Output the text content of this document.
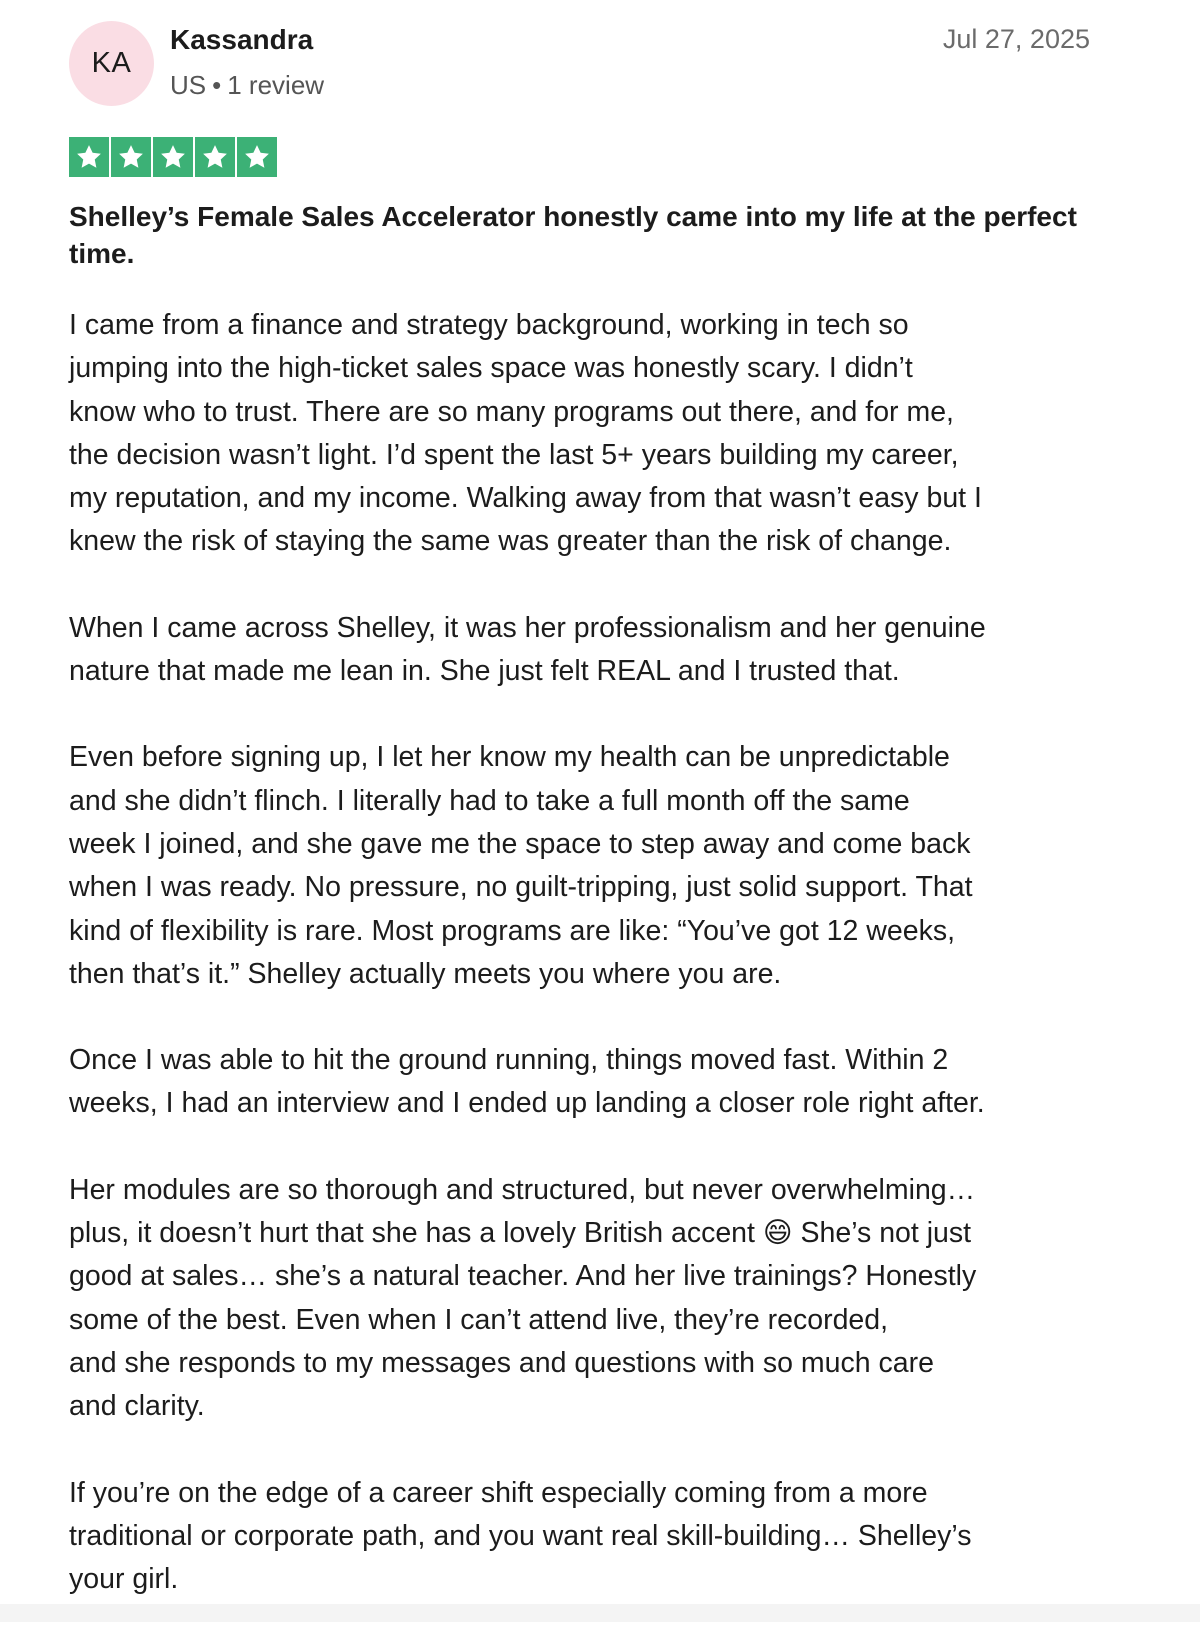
KA
Kassandra
US • 1 review
Jul 27, 2025
Shelley’s Female Sales Accelerator honestly came into my life at the perfect time.

I came from a finance and strategy background, working in tech so
jumping into the high-ticket sales space was honestly scary. I didn’t
know who to trust. There are so many programs out there, and for me,
the decision wasn’t light. I’d spent the last 5+ years building my career,
my reputation, and my income. Walking away from that wasn’t easy but I
knew the risk of staying the same was greater than the risk of change.

When I came across Shelley, it was her professionalism and her genuine
nature that made me lean in. She just felt REAL and I trusted that.

Even before signing up, I let her know my health can be unpredictable
and she didn’t flinch. I literally had to take a full month off the same
week I joined, and she gave me the space to step away and come back
when I was ready. No pressure, no guilt-tripping, just solid support. That
kind of flexibility is rare. Most programs are like: “You’ve got 12 weeks,
then that’s it.” Shelley actually meets you where you are.

Once I was able to hit the ground running, things moved fast. Within 2
weeks, I had an interview and I ended up landing a closer role right after.

Her modules are so thorough and structured, but never overwhelming…
plus, it doesn’t hurt that she has a lovely British accent 😄 She’s not just
good at sales… she’s a natural teacher. And her live trainings? Honestly
some of the best. Even when I can’t attend live, they’re recorded,
and she responds to my messages and questions with so much care
and clarity.

If you’re on the edge of a career shift especially coming from a more
traditional or corporate path, and you want real skill-building… Shelley’s
your girl.
